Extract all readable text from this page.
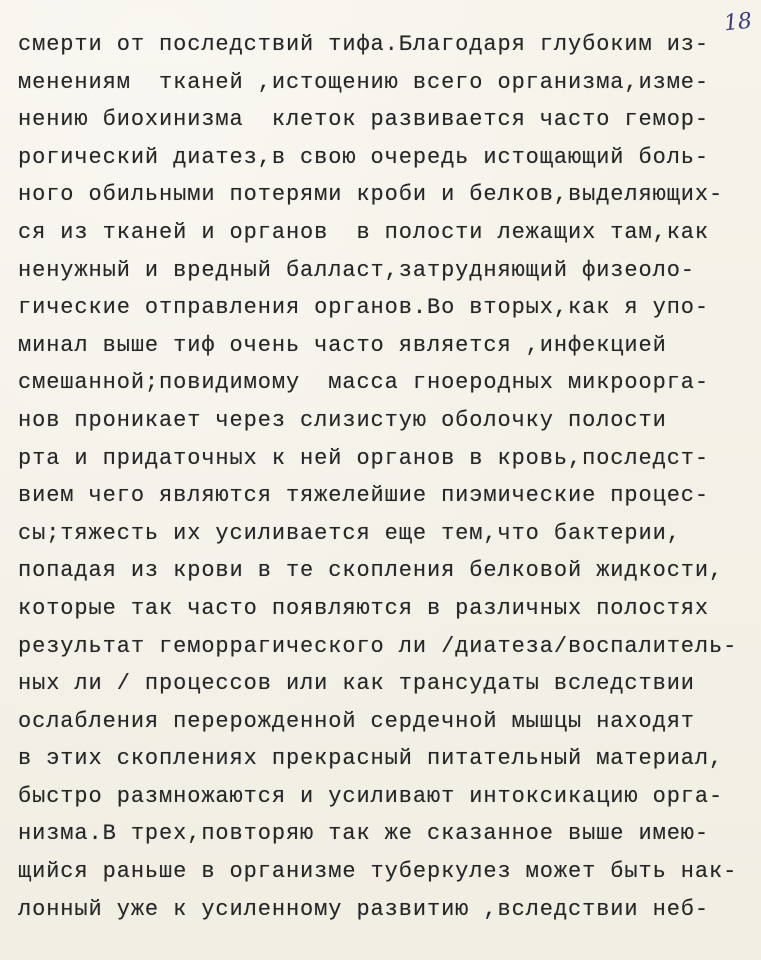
18
смерти от последствий тифа.Благодаря глубоким из-
менениям  тканей ,истощению всего организма,изме-
нению биохинизма  клеток развивается часто гемор-
рогический диатез,в свою очередь истощающий боль-
ного обильными потерями кроби и белков,выделяющих-
ся из тканей и органов  в полости лежащих там,как
ненужный и вредный балласт,затрудняющий физеоло-
гические отправления органов.Во вторых,как я упо-
минал выше тиф очень часто является ,инфекцией
смешанной;повидимому  масса гноеродных микроорга-
нов проникает через слизистую оболочку полости
рта и придаточных к ней органов в кровь,последст-
вием чего являются тяжелейшие пиэмические процес-
сы;тяжесть их усиливается еще тем,что бактерии,
попадая из крови в те скопления белковой жидкости,
которые так часто появляются в различных полостях
результат геморрагического ли /диатеза/воспалитель-
ных ли / процессов или как трансудаты вследствии
ослабления перерожденной сердечной мышцы находят
в этих скоплениях прекрасный питательный материал,
быстро размножаются и усиливают интоксикацию орга-
низма.В трех,повторяю так же сказанное выше имею-
щийся раньше в организме туберкулез может быть нак-
лонный уже к усиленному развитию ,вследствии неб-
